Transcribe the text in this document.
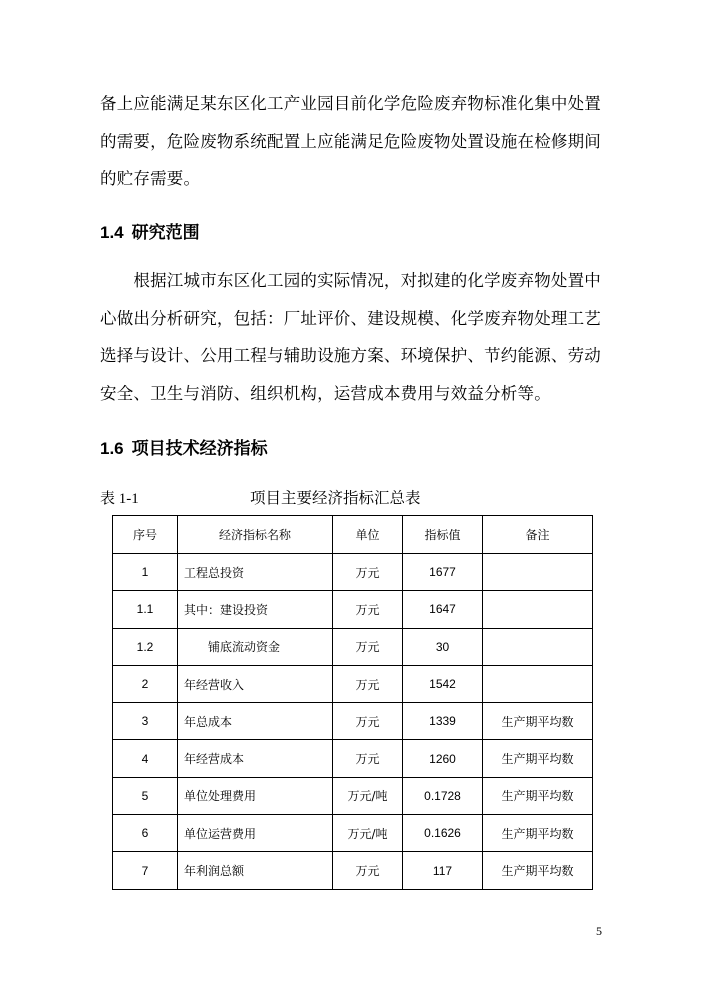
备上应能满足某东区化工产业园目前化学危险废弃物标准化集中处置
的需要，危险废物系统配置上应能满足危险废物处置设施在检修期间
的贮存需要。
1.4 研究范围
　　根据江城市东区化工园的实际情况，对拟建的化学废弃物处置中
心做出分析研究，包括：厂址评价、建设规模、化学废弃物处理工艺
选择与设计、公用工程与辅助设施方案、环境保护、节约能源、劳动
安全、卫生与消防、组织机构，运营成本费用与效益分析等。
1.6 项目技术经济指标
表 1-1	项目主要经济指标汇总表
序号	经济指标名称	单位	指标值	备注
1	工程总投资	万元	1677	
1.1	其中：建设投资	万元	1647	
1.2	铺底流动资金	万元	30	
2	年经营收入	万元	1542	
3	年总成本	万元	1339	生产期平均数
4	年经营成本	万元	1260	生产期平均数
5	单位处理费用	万元/吨	0.1728	生产期平均数
6	单位运营费用	万元/吨	0.1626	生产期平均数
7	年利润总额	万元	117	生产期平均数
5
